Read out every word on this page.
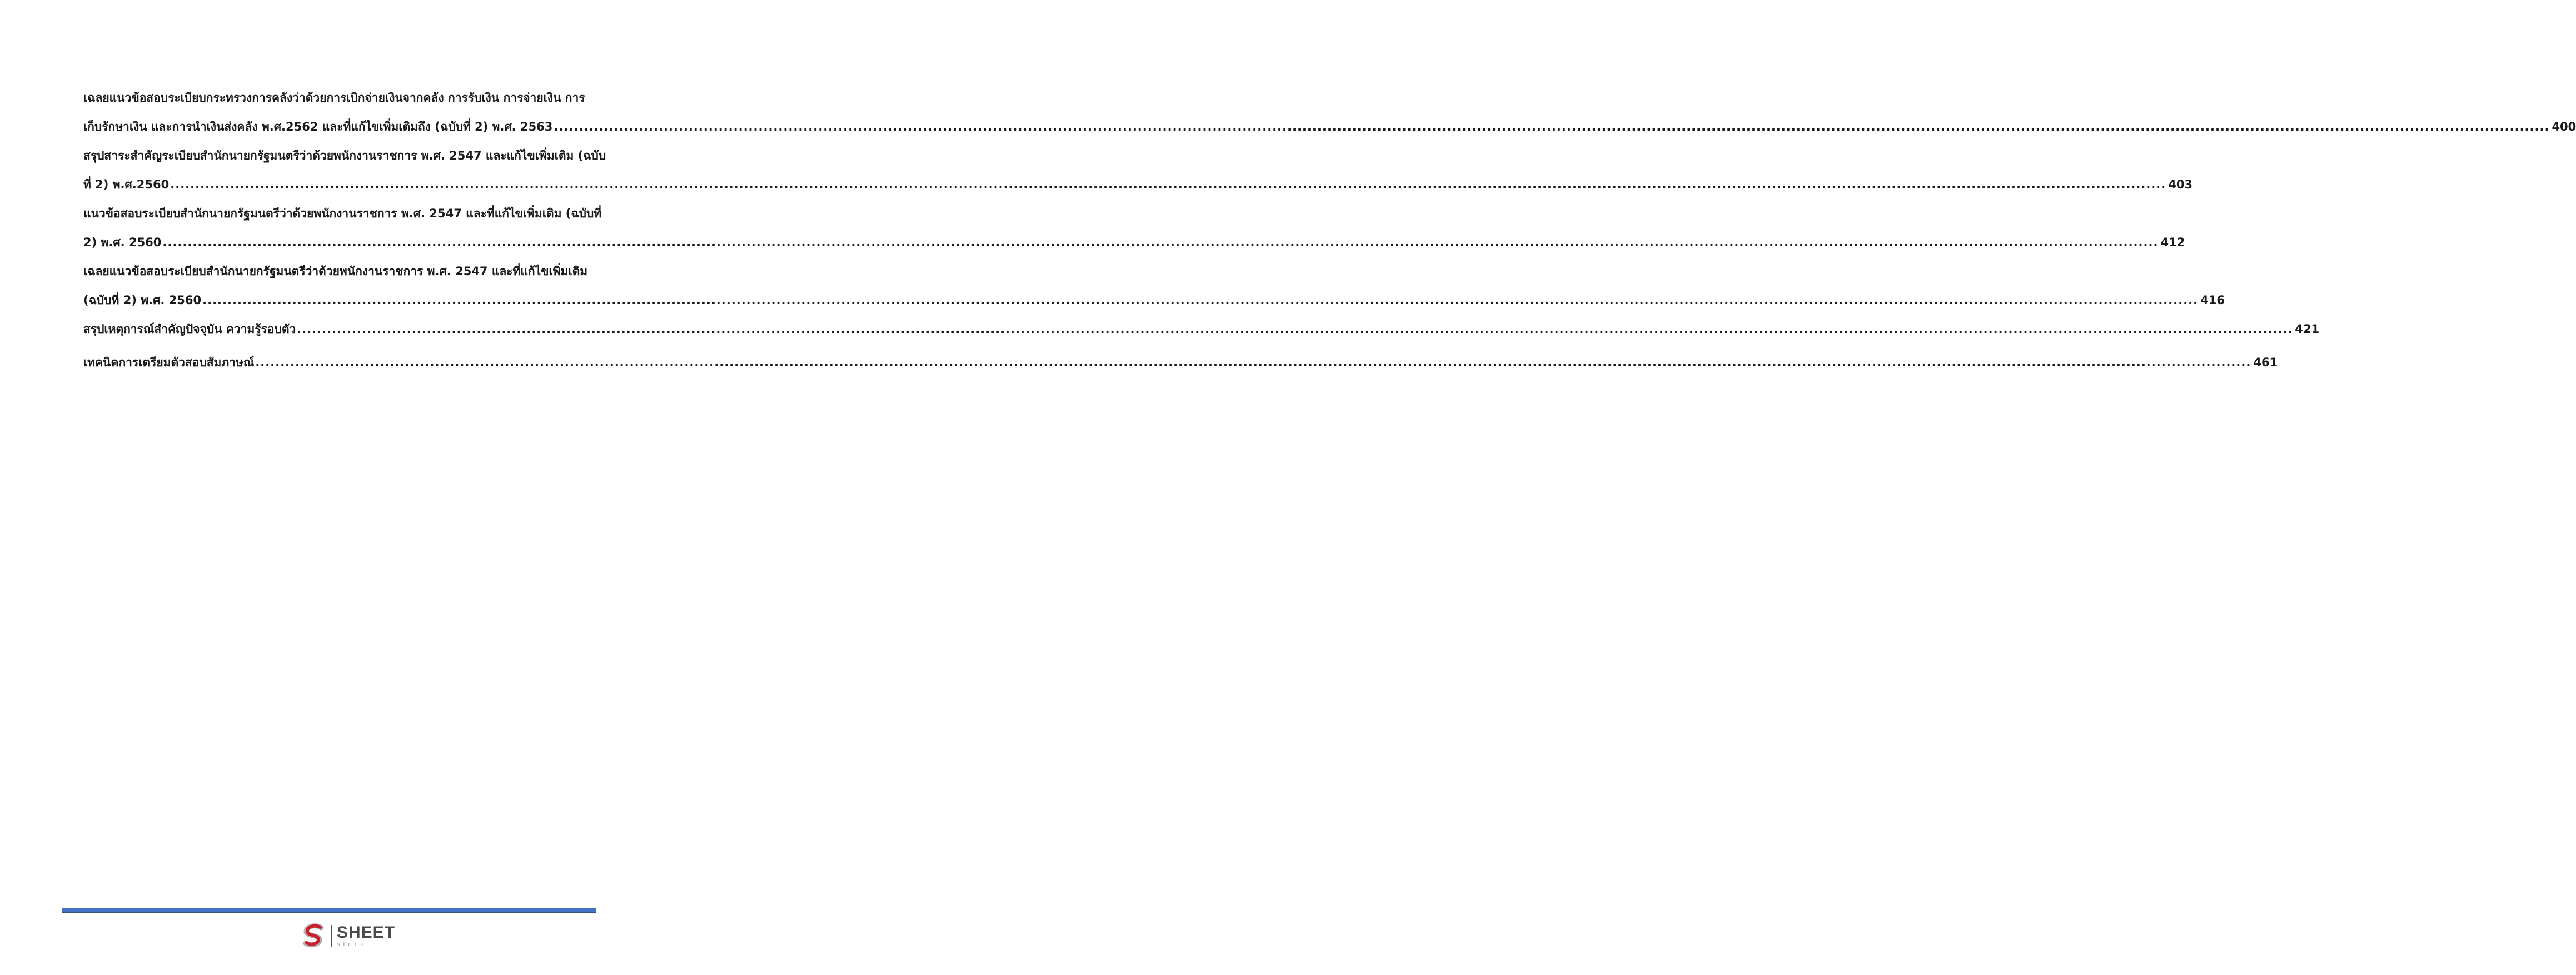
เฉลยแนวข้อสอบระเบียบกระทรวงการคลังว่าด้วยการเบิกจ่ายเงินจากคลัง การรับเงิน การจ่ายเงิน การ
เก็บรักษาเงิน และการนำเงินส่งคลัง พ.ศ.2562 และที่แก้ไขเพิ่มเติมถึง (ฉบับที่ 2) พ.ศ. 2563 ................................................................................................................................................................................................................................................................................................................................................................................................................ 400
สรุปสาระสำคัญระเบียบสำนักนายกรัฐมนตรีว่าด้วยพนักงานราชการ พ.ศ. 2547 และแก้ไขเพิ่มเติม (ฉบับ
ที่ 2) พ.ศ.2560 ................................................................................................................................................................................................................................................................................................................................................................................................................ 403
แนวข้อสอบระเบียบสำนักนายกรัฐมนตรีว่าด้วยพนักงานราชการ พ.ศ. 2547 และที่แก้ไขเพิ่มเติม (ฉบับที่
2) พ.ศ. 2560 ................................................................................................................................................................................................................................................................................................................................................................................................................ 412
เฉลยแนวข้อสอบระเบียบสำนักนายกรัฐมนตรีว่าด้วยพนักงานราชการ พ.ศ. 2547 และที่แก้ไขเพิ่มเติม
(ฉบับที่ 2) พ.ศ. 2560 ................................................................................................................................................................................................................................................................................................................................................................................................................ 416
สรุปเหตุการณ์สำคัญปัจจุบัน ความรู้รอบตัว ................................................................................................................................................................................................................................................................................................................................................................................................................ 421
เทคนิคการเตรียมตัวสอบสัมภาษณ์ ................................................................................................................................................................................................................................................................................................................................................................................................................ 461
SHEET
store
